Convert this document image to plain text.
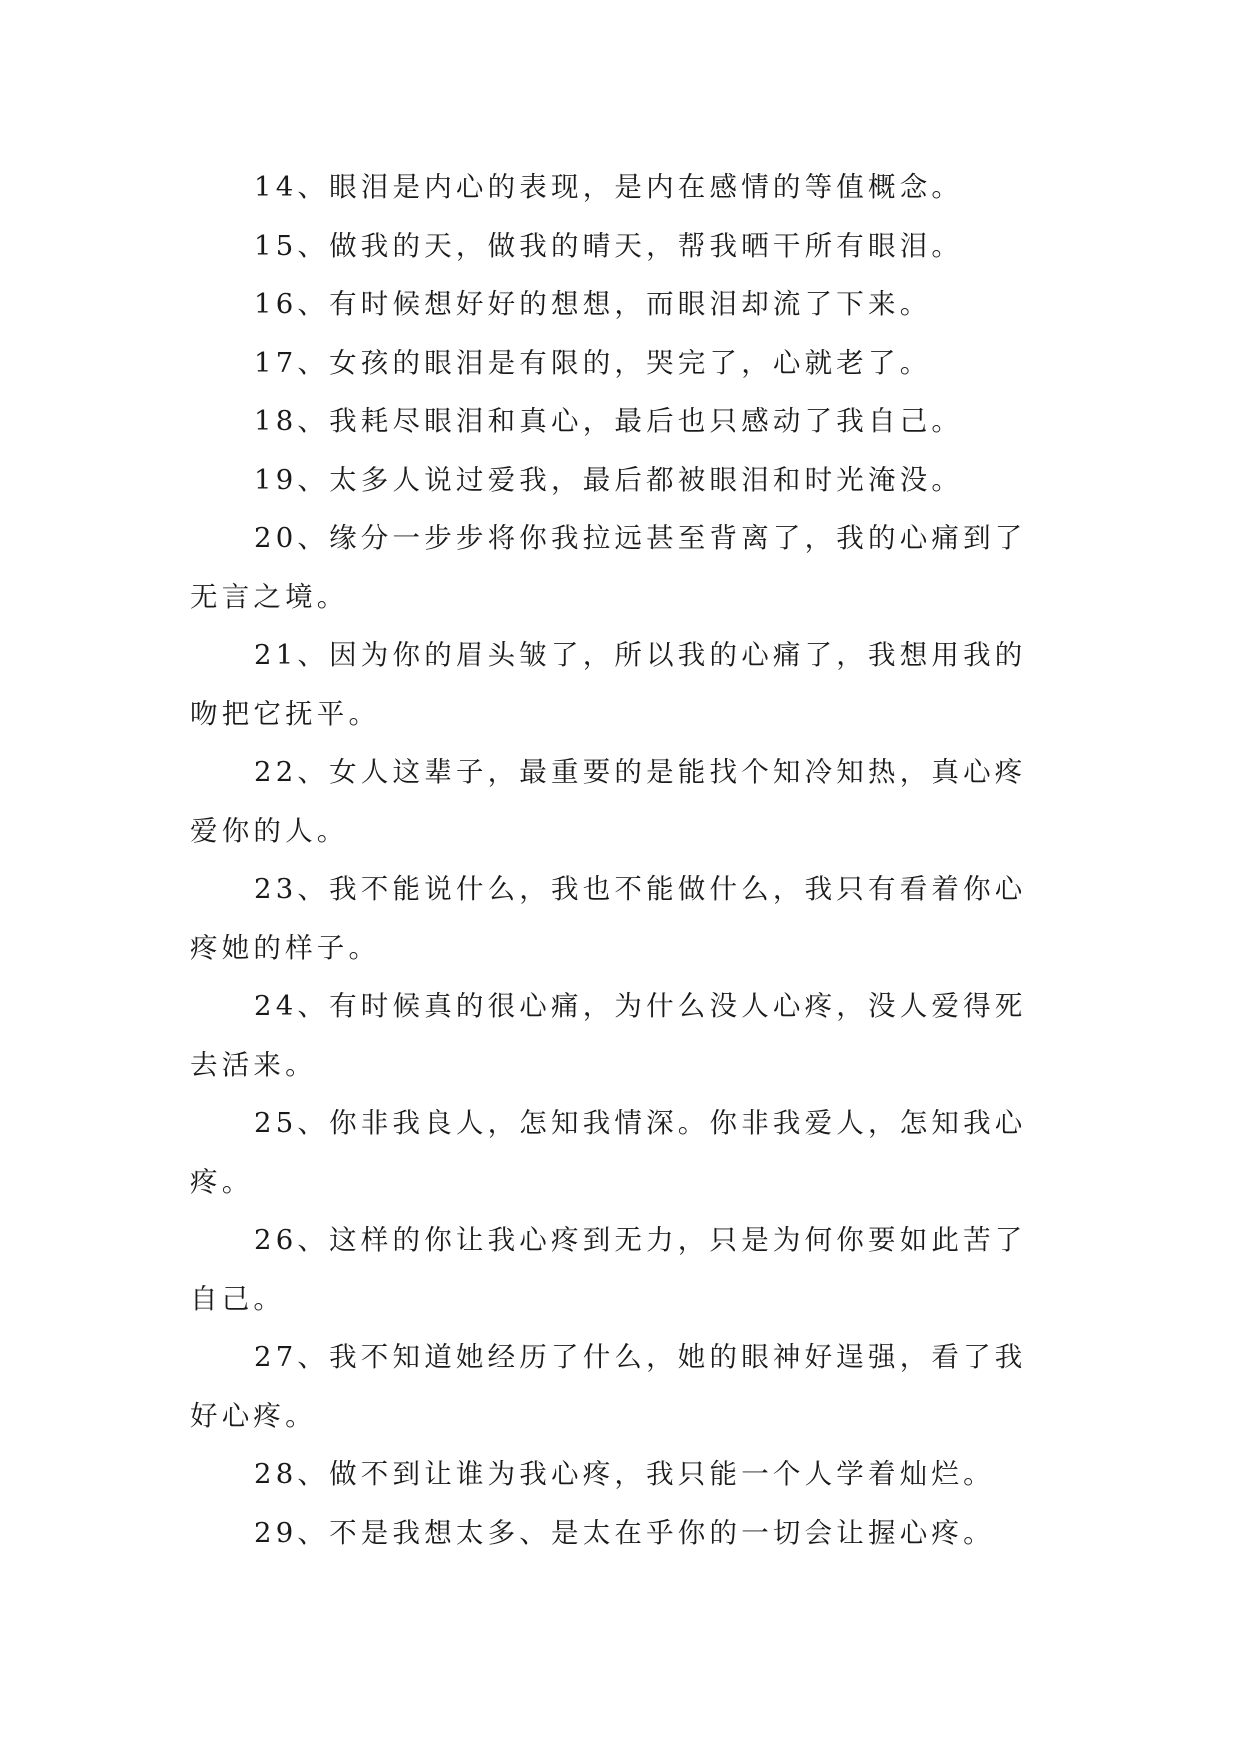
14、眼泪是内心的表现，是内在感情的等值概念。

15、做我的天，做我的晴天，帮我晒干所有眼泪。

16、有时候想好好的想想，而眼泪却流了下来。

17、女孩的眼泪是有限的，哭完了，心就老了。

18、我耗尽眼泪和真心，最后也只感动了我自己。

19、太多人说过爱我，最后都被眼泪和时光淹没。

20、缘分一步步将你我拉远甚至背离了，我的心痛到了无言之境。

21、因为你的眉头皱了，所以我的心痛了，我想用我的吻把它抚平。

22、女人这辈子，最重要的是能找个知冷知热，真心疼爱你的人。

23、我不能说什么，我也不能做什么，我只有看着你心疼她的样子。

24、有时候真的很心痛，为什么没人心疼，没人爱得死去活来。

25、你非我良人，怎知我情深。你非我爱人，怎知我心疼。

26、这样的你让我心疼到无力，只是为何你要如此苦了自己。

27、我不知道她经历了什么，她的眼神好逞强，看了我好心疼。

28、做不到让谁为我心疼，我只能一个人学着灿烂。

29、不是我想太多、是太在乎你的一切会让握心疼。
